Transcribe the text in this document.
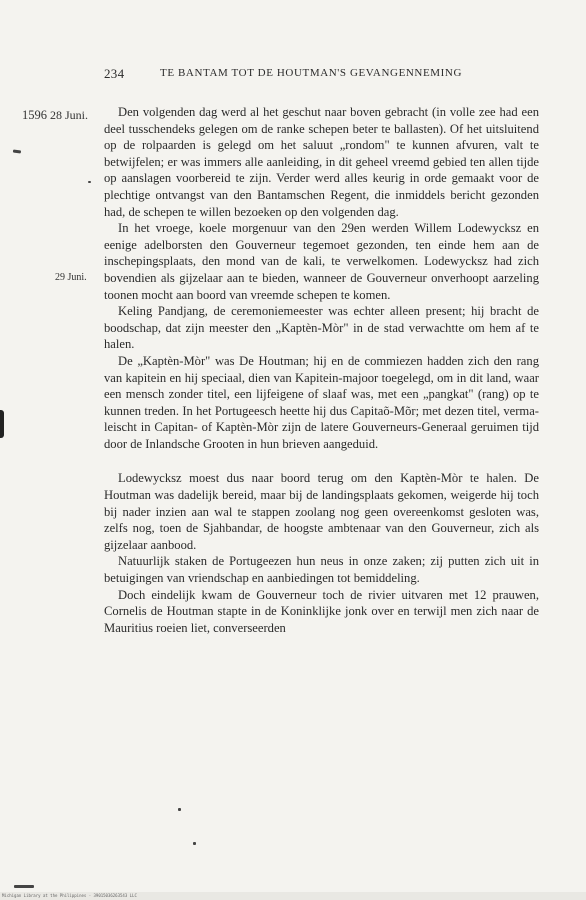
234	TE BANTAM TOT DE HOUTMAN'S GEVANGENNEMING
1596 28 Juni.
29 Juni.

Den volgenden dag werd al het geschut naar boven gebracht (in volle zee had een deel tusschendeks gelegen om de ranke schepen beter te ballasten). Of het uitsluitend op de rolpaarden is gelegd om het saluut „rondom" te kunnen afvuren, valt te betwijfelen; er was immers alle aanleiding, in dit geheel vreemd gebied ten allen tijde op aanslagen voorbereid te zijn. Verder werd alles keurig in orde gemaakt voor de plechtige ontvangst van den Bantamschen Regent, die inmiddels bericht gezonden had, de schepen te willen bezoeken op den volgenden dag.

In het vroege, koele morgenuur van den 29en werden Willem Lodewycksz en eenige adelborsten den Gouverneur tegemoet gezonden, ten einde hem aan de inschepingsplaats, den mond van de kali, te verwelkomen. Lodewycksz had zich bovendien als gijzelaar aan te bieden, wanneer de Gouverneur onverhoopt aarzeling toonen mocht aan boord van vreemde schepen te komen.

Keling Pandjang, de ceremoniemeester was echter alleen present; hij bracht de boodschap, dat zijn meester den „Kaptèn-Mòr" in de stad verwachtte om hem af te halen.

De „Kaptèn-Mòr" was De Houtman; hij en de commiezen hadden zich den rang van kapitein en hij speciaal, dien van Kapitein-majoor toegelegd, om in dit land, waar een mensch zonder titel, een lijfeigene of slaaf was, met een „pangkat" (rang) op te kunnen treden. In het Portugeesch heette hij dus Capitaõ-Mõr; met dezen titel, vermaleischt in Capitan- of Kaptèn-Mòr zijn de latere Gouverneurs-Generaal geruimen tijd door de Inlandsche Grooten in hun brieven aangeduid.

Lodewycksz moest dus naar boord terug om den Kaptèn-Mòr te halen. De Houtman was dadelijk bereid, maar bij de landingsplaats gekomen, weigerde hij toch bij nader inzien aan wal te stappen zoolang nog geen overeenkomst gesloten was, zelfs nog, toen de Sjahbandar, de hoogste ambtenaar van den Gouverneur, zich als gijzelaar aanbood.

Natuurlijk staken de Portugeezen hun neus in onze zaken; zij putten zich uit in betuigingen van vriendschap en aanbiedingen tot bemiddeling.

Doch eindelijk kwam de Gouverneur toch de rivier uitvaren met 12 prauwen, Cornelis de Houtman stapte in de Koninklijke jonk over en terwijl men zich naar de Mauritius roeien liet, converseerden

Michigan Library at the Philippines · 39015036263543 LLC
